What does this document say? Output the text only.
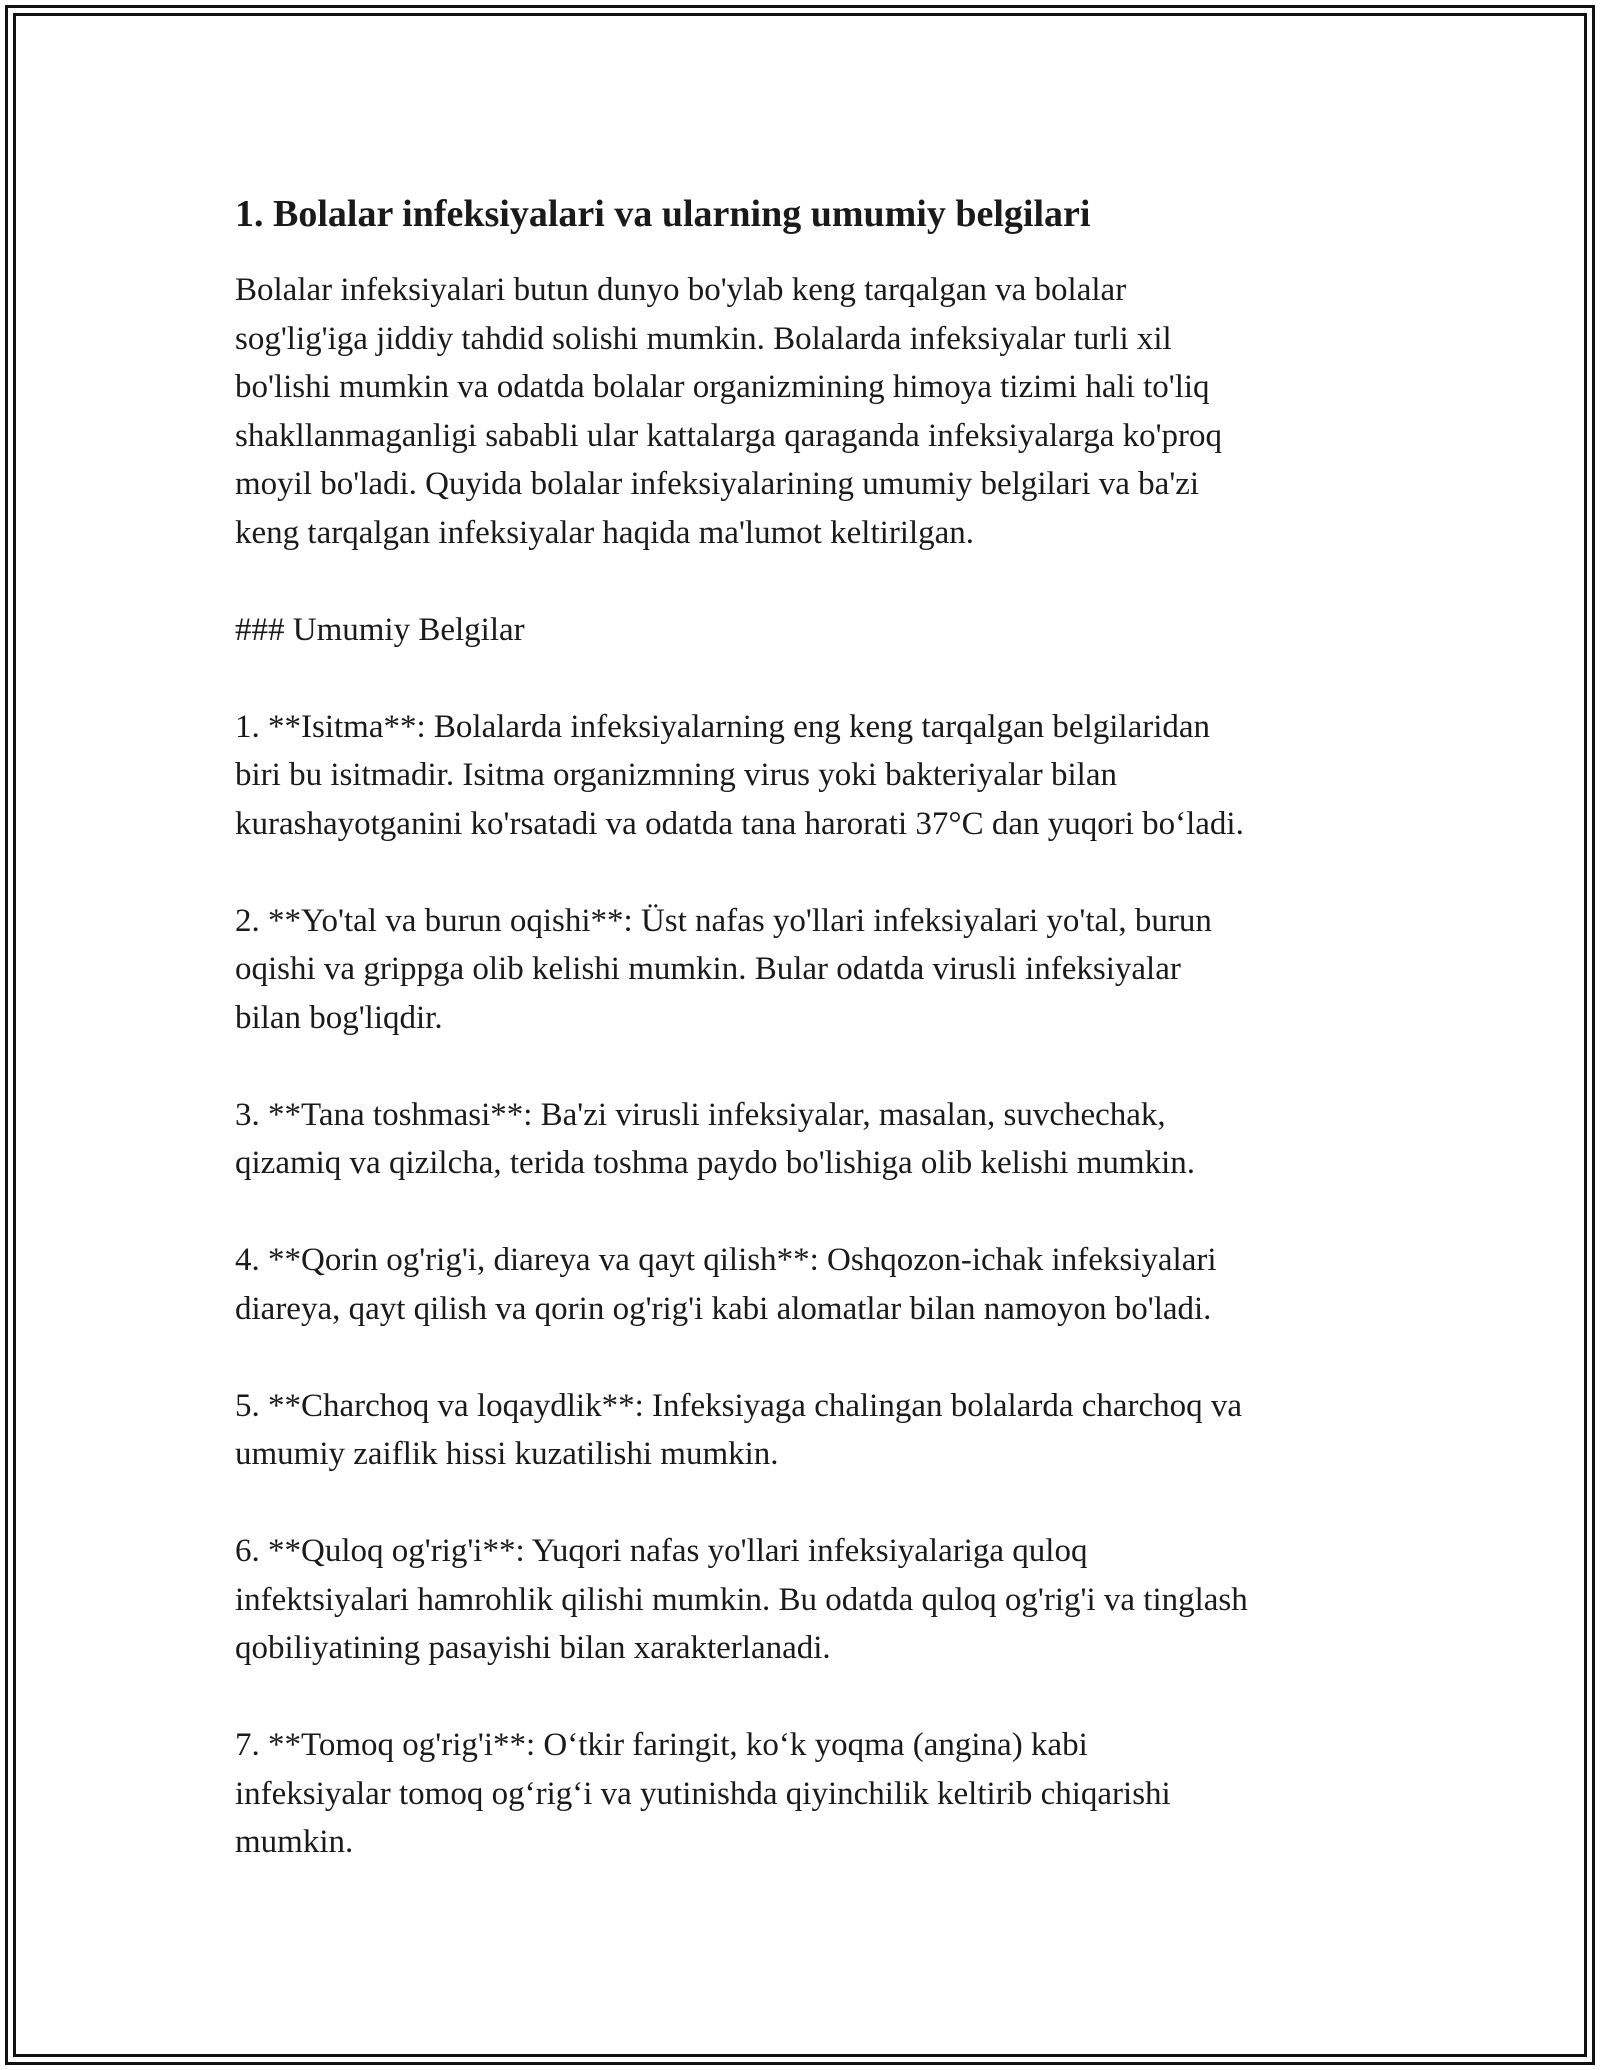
1. Bolalar infeksiyalari va ularning umumiy belgilari

Bolalar infeksiyalari butun dunyo bo'ylab keng tarqalgan va bolalar
sog'lig'iga jiddiy tahdid solishi mumkin. Bolalarda infeksiyalar turli xil
bo'lishi mumkin va odatda bolalar organizmining himoya tizimi hali to'liq
shakllanmaganligi sababli ular kattalarga qaraganda infeksiyalarga ko'proq
moyil bo'ladi. Quyida bolalar infeksiyalarining umumiy belgilari va ba'zi
keng tarqalgan infeksiyalar haqida ma'lumot keltirilgan.

### Umumiy Belgilar

1. **Isitma**: Bolalarda infeksiyalarning eng keng tarqalgan belgilaridan
biri bu isitmadir. Isitma organizmning virus yoki bakteriyalar bilan
kurashayotganini ko'rsatadi va odatda tana harorati 37°C dan yuqori bo‘ladi.

2. **Yo'tal va burun oqishi**: Üst nafas yo'llari infeksiyalari yo'tal, burun
oqishi va grippga olib kelishi mumkin. Bular odatda virusli infeksiyalar
bilan bog'liqdir.

3. **Tana toshmasi**: Ba'zi virusli infeksiyalar, masalan, suvchechak,
qizamiq va qizilcha, terida toshma paydo bo'lishiga olib kelishi mumkin.

4. **Qorin og'rig'i, diareya va qayt qilish**: Oshqozon-ichak infeksiyalari
diareya, qayt qilish va qorin og'rig'i kabi alomatlar bilan namoyon bo'ladi.

5. **Charchoq va loqaydlik**: Infeksiyaga chalingan bolalarda charchoq va
umumiy zaiflik hissi kuzatilishi mumkin.

6. **Quloq og'rig'i**: Yuqori nafas yo'llari infeksiyalariga quloq
infektsiyalari hamrohlik qilishi mumkin. Bu odatda quloq og'rig'i va tinglash
qobiliyatining pasayishi bilan xarakterlanadi.

7. **Tomoq og'rig'i**: O‘tkir faringit, ko‘k yoqma (angina) kabi
infeksiyalar tomoq og‘rig‘i va yutinishda qiyinchilik keltirib chiqarishi
mumkin.
